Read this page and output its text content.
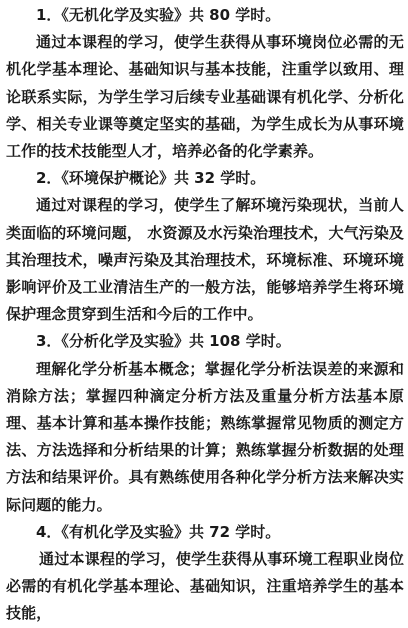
1．《无机化学及实验》共 80 学时。

通过本课程的学习，使学生获得从事环境岗位必需的无机化学基本理论、基础知识与基本技能，注重学以致用、理论联系实际，为学生学习后续专业基础课有机化学、分析化学、相关专业课等奠定坚实的基础，为学生成长为从事环境工作的技术技能型人才，培养必备的化学素养。

2．《环境保护概论》共 32 学时。

通过对课程的学习，使学生了解环境污染现状，当前人类面临的环境问题， 水资源及水污染治理技术，大气污染及其治理技术，噪声污染及其治理技术，环境标准、环境环境影响评价及工业清洁生产的一般方法，能够培养学生将环境保护理念贯穿到生活和今后的工作中。

3．《分析化学及实验》共 108 学时。

理解化学分析基本概念；掌握化学分析法误差的来源和消除方法；掌握四种滴定分析方法及重量分析方法基本原理、基本计算和基本操作技能；熟练掌握常见物质的测定方法、方法选择和分析结果的计算；熟练掌握分析数据的处理方法和结果评价。具有熟练使用各种化学分析方法来解决实际问题的能力。

4．《有机化学及实验》共 72 学时。

通过本课程的学习，使学生获得从事环境工程职业岗位必需的有机化学基本理论、基础知识，注重培养学生的基本技能，
